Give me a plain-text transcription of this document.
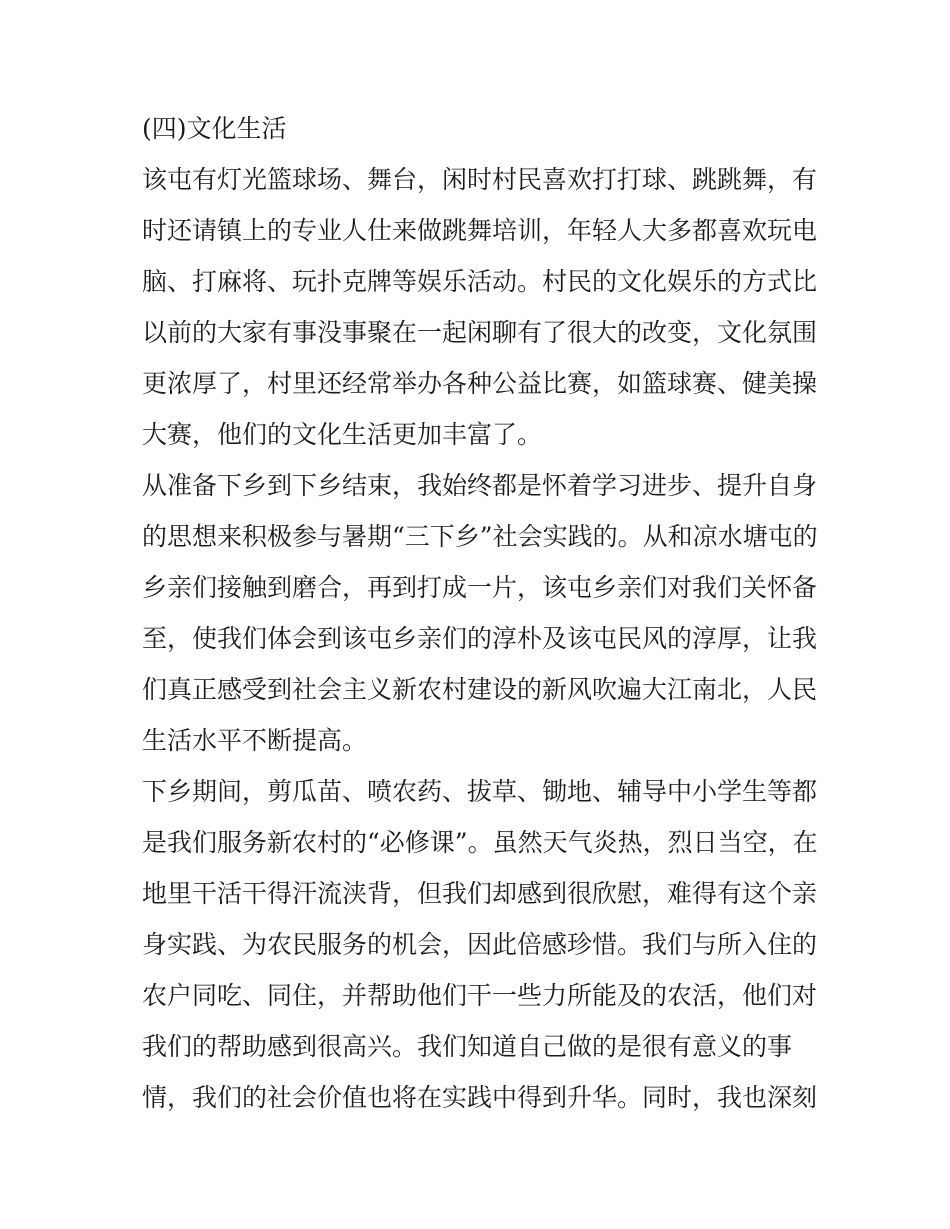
(四)文化生活

该屯有灯光篮球场、舞台，闲时村民喜欢打打球、跳跳舞，有

时还请镇上的专业人仕来做跳舞培训，年轻人大多都喜欢玩电

脑、打麻将、玩扑克牌等娱乐活动。村民的文化娱乐的方式比

以前的大家有事没事聚在一起闲聊有了很大的改变，文化氛围

更浓厚了，村里还经常举办各种公益比赛，如篮球赛、健美操

大赛，他们的文化生活更加丰富了。

从准备下乡到下乡结束，我始终都是怀着学习进步、提升自身

的思想来积极参与暑期“三下乡”社会实践的。从和凉水塘屯的

乡亲们接触到磨合，再到打成一片，该屯乡亲们对我们关怀备

至，使我们体会到该屯乡亲们的淳朴及该屯民风的淳厚，让我

们真正感受到社会主义新农村建设的新风吹遍大江南北，人民

生活水平不断提高。

下乡期间，剪瓜苗、喷农药、拔草、锄地、辅导中小学生等都

是我们服务新农村的“必修课”。虽然天气炎热，烈日当空，在

地里干活干得汗流浃背，但我们却感到很欣慰，难得有这个亲

身实践、为农民服务的机会，因此倍感珍惜。我们与所入住的

农户同吃、同住，并帮助他们干一些力所能及的农活，他们对

我们的帮助感到很高兴。我们知道自己做的是很有意义的事

情，我们的社会价值也将在实践中得到升华。同时，我也深刻
